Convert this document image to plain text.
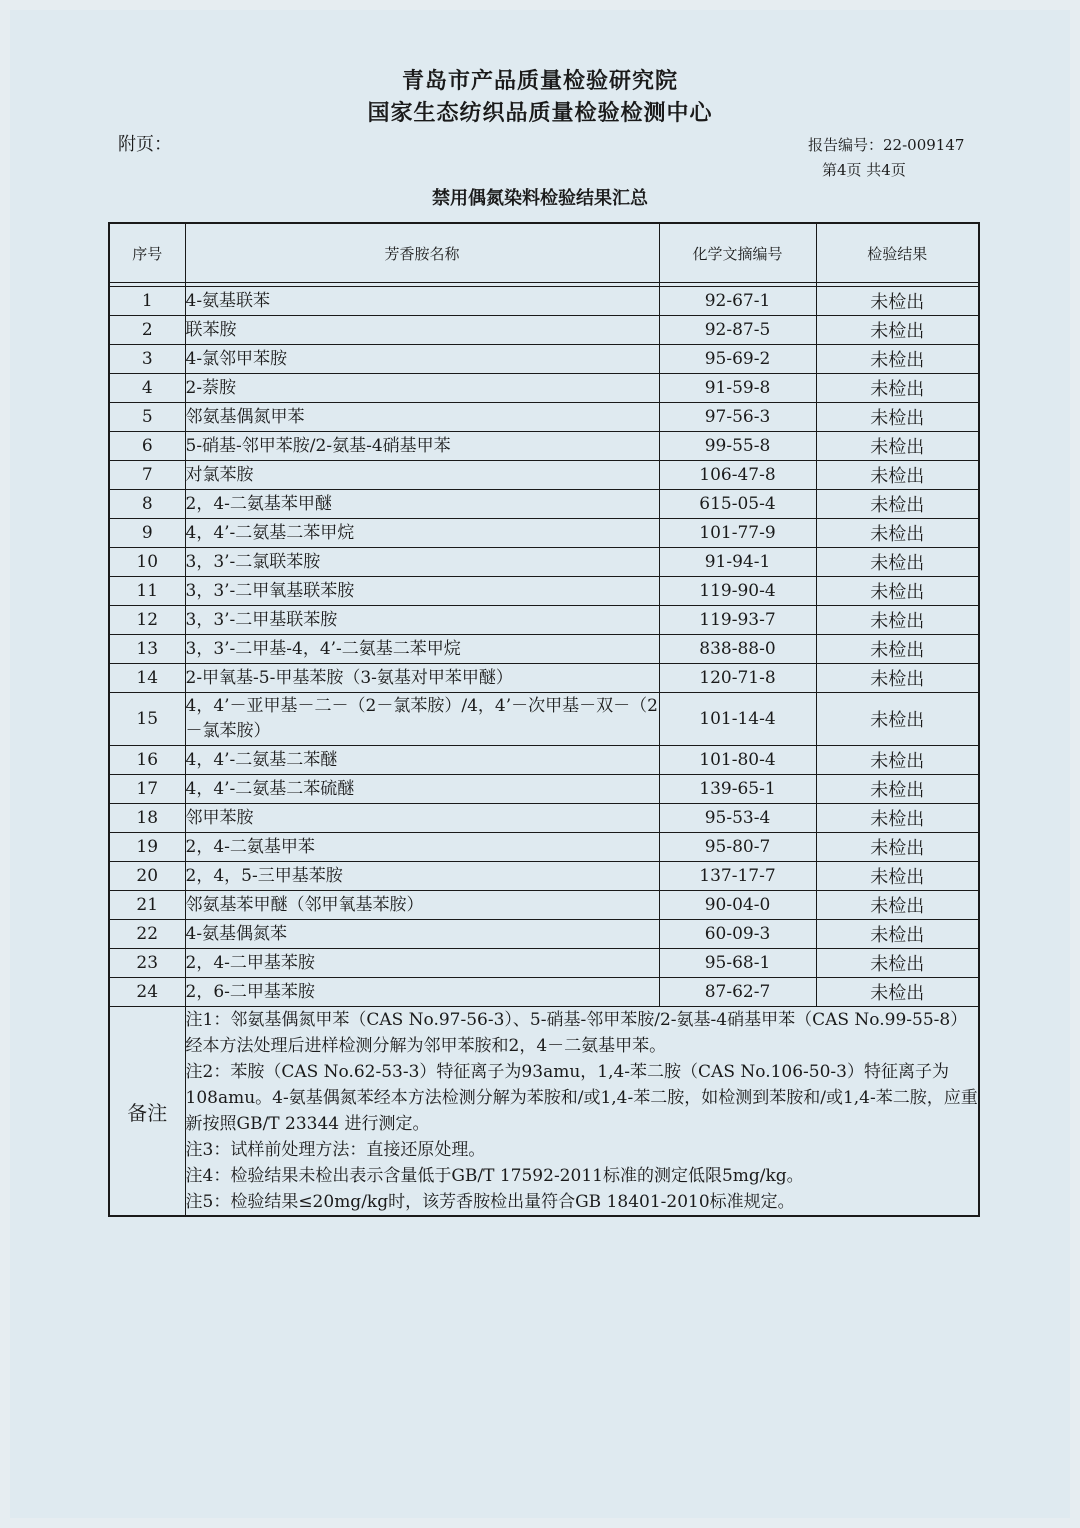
青岛市产品质量检验研究院
国家生态纺织品质量检验检测中心
附页：	报告编号：22-009147
第4页 共4页
禁用偶氮染料检验结果汇总
序号	芳香胺名称	化学文摘编号	检验结果

1	4-氨基联苯	92-67-1	未检出
2	联苯胺	92-87-5	未检出
3	4-氯邻甲苯胺	95-69-2	未检出
4	2-萘胺	91-59-8	未检出
5	邻氨基偶氮甲苯	97-56-3	未检出
6	5-硝基-邻甲苯胺/2-氨基-4硝基甲苯	99-55-8	未检出
7	对氯苯胺	106-47-8	未检出
8	2，4-二氨基苯甲醚	615-05-4	未检出
9	4，4’-二氨基二苯甲烷	101-77-9	未检出
10	3，3’-二氯联苯胺	91-94-1	未检出
11	3，3’-二甲氧基联苯胺	119-90-4	未检出
12	3，3’-二甲基联苯胺	119-93-7	未检出
13	3，3’-二甲基-4，4’-二氨基二苯甲烷	838-88-0	未检出
14	2-甲氧基-5-甲基苯胺（3-氨基对甲苯甲醚）	120-71-8	未检出
15	4，4’－亚甲基－二－（2－氯苯胺）/4，4’－次甲基－双－（2－氯苯胺）	101-14-4	未检出
16	4，4’-二氨基二苯醚	101-80-4	未检出
17	4，4’-二氨基二苯硫醚	139-65-1	未检出
18	邻甲苯胺	95-53-4	未检出
19	2，4-二氨基甲苯	95-80-7	未检出
20	2，4，5-三甲基苯胺	137-17-7	未检出
21	邻氨基苯甲醚（邻甲氧基苯胺）	90-04-0	未检出
22	4-氨基偶氮苯	60-09-3	未检出
23	2，4-二甲基苯胺	95-68-1	未检出
24	2，6-二甲基苯胺	87-62-7	未检出
备注	注1：邻氨基偶氮甲苯（CAS No.97-56-3）、5-硝基-邻甲苯胺/2-氨基-4硝基甲苯（CAS No.99-55-8）经本方法处理后进样检测分解为邻甲苯胺和2，4－二氨基甲苯。

注2：苯胺（CAS No.62-53-3）特征离子为93amu，1,4-苯二胺（CAS No.106-50-3）特征离子为108amu。4-氨基偶氮苯经本方法检测分解为苯胺和/或1,4-苯二胺，如检测到苯胺和/或1,4-苯二胺，应重新按照GB/T 23344 进行测定。

注3：试样前处理方法：直接还原处理。

注4：检验结果未检出表示含量低于GB/T 17592-2011标准的测定低限5mg/kg。

注5：检验结果≤20mg/kg时，该芳香胺检出量符合GB 18401-2010标准规定。		
